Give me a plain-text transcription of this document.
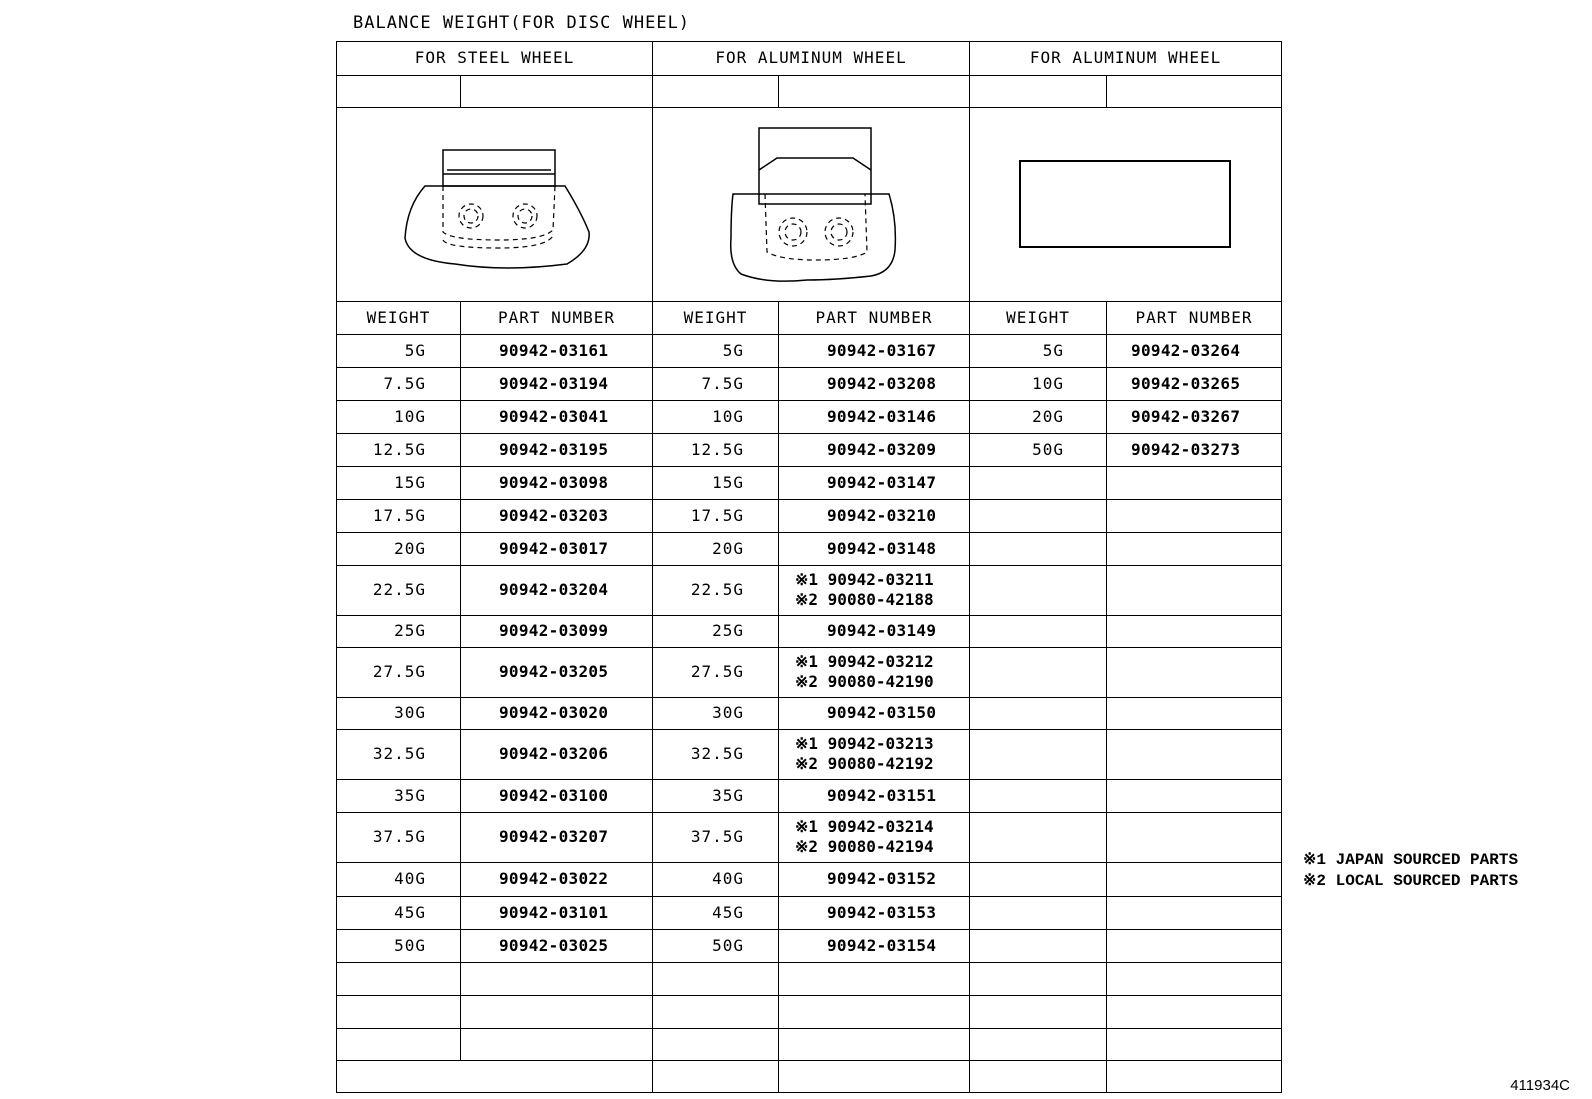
BALANCE WEIGHT(FOR DISC WHEEL)
FOR STEEL WHEEL		FOR ALUMINUM WHEEL		FOR ALUMINUM WHEEL	

WEIGHT	PART NUMBER	WEIGHT	PART NUMBER	WEIGHT	PART NUMBER
5G	90942-03161	5G	90942-03167	5G	90942-03264
7.5G	90942-03194	7.5G	90942-03208	10G	90942-03265
10G	90942-03041	10G	90942-03146	20G	90942-03267
12.5G	90942-03195	12.5G	90942-03209	50G	90942-03273
15G	90942-03098	15G	90942-03147		
17.5G	90942-03203	17.5G	90942-03210		
20G	90942-03017	20G	90942-03148		
22.5G	90942-03204	22.5G	※1 90942-03211
※2 90080-42188		

25G	90942-03099	25G	90942-03149		
27.5G	90942-03205	27.5G	※1 90942-03212
※2 90080-42190		

30G	90942-03020	30G	90942-03150		
32.5G	90942-03206	32.5G	※1 90942-03213
※2 90080-42192		

35G	90942-03100	35G	90942-03151		
37.5G	90942-03207	37.5G	※1 90942-03214
※2 90080-42194		

40G	90942-03022	40G	90942-03152		
45G	90942-03101	45G	90942-03153		
50G	90942-03025	50G	90942-03154		

※1 JAPAN SOURCED PARTS
※2 LOCAL SOURCED PARTS
411934C
